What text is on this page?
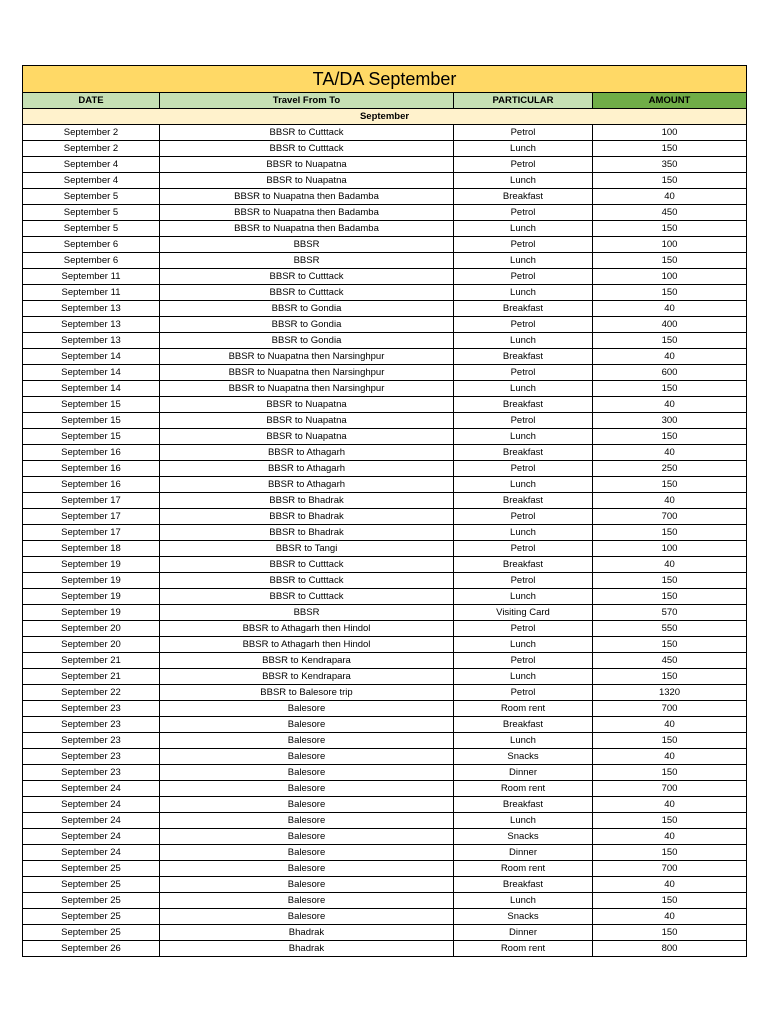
TA/DA September			
DATE	Travel From To	PARTICULAR	AMOUNT
September			
September 2	BBSR to Cutttack	Petrol	100
September 2	BBSR to Cutttack	Lunch	150
September 4	BBSR to Nuapatna	Petrol	350
September 4	BBSR to Nuapatna	Lunch	150
September 5	BBSR to Nuapatna then Badamba	Breakfast	40
September 5	BBSR to Nuapatna then Badamba	Petrol	450
September 5	BBSR to Nuapatna then Badamba	Lunch	150
September 6	BBSR	Petrol	100
September 6	BBSR	Lunch	150
September 11	BBSR to Cutttack	Petrol	100
September 11	BBSR to Cutttack	Lunch	150
September 13	BBSR to Gondia	Breakfast	40
September 13	BBSR to Gondia	Petrol	400
September 13	BBSR to Gondia	Lunch	150
September 14	BBSR to Nuapatna then Narsinghpur	Breakfast	40
September 14	BBSR to Nuapatna then Narsinghpur	Petrol	600
September 14	BBSR to Nuapatna then Narsinghpur	Lunch	150
September 15	BBSR to Nuapatna	Breakfast	40
September 15	BBSR to Nuapatna	Petrol	300
September 15	BBSR to Nuapatna	Lunch	150
September 16	BBSR to Athagarh	Breakfast	40
September 16	BBSR to Athagarh	Petrol	250
September 16	BBSR to Athagarh	Lunch	150
September 17	BBSR to Bhadrak	Breakfast	40
September 17	BBSR to Bhadrak	Petrol	700
September 17	BBSR to Bhadrak	Lunch	150
September 18	BBSR to Tangi	Petrol	100
September 19	BBSR to Cutttack	Breakfast	40
September 19	BBSR to Cutttack	Petrol	150
September 19	BBSR to Cutttack	Lunch	150
September 19	BBSR	Visiting Card	570
September 20	BBSR to Athagarh then Hindol	Petrol	550
September 20	BBSR to Athagarh then Hindol	Lunch	150
September 21	BBSR to Kendrapara	Petrol	450
September 21	BBSR to Kendrapara	Lunch	150
September 22	BBSR to Balesore trip	Petrol	1320
September 23	Balesore	Room rent	700
September 23	Balesore	Breakfast	40
September 23	Balesore	Lunch	150
September 23	Balesore	Snacks	40
September 23	Balesore	Dinner	150
September 24	Balesore	Room rent	700
September 24	Balesore	Breakfast	40
September 24	Balesore	Lunch	150
September 24	Balesore	Snacks	40
September 24	Balesore	Dinner	150
September 25	Balesore	Room rent	700
September 25	Balesore	Breakfast	40
September 25	Balesore	Lunch	150
September 25	Balesore	Snacks	40
September 25	Bhadrak	Dinner	150
September 26	Bhadrak	Room rent	800
